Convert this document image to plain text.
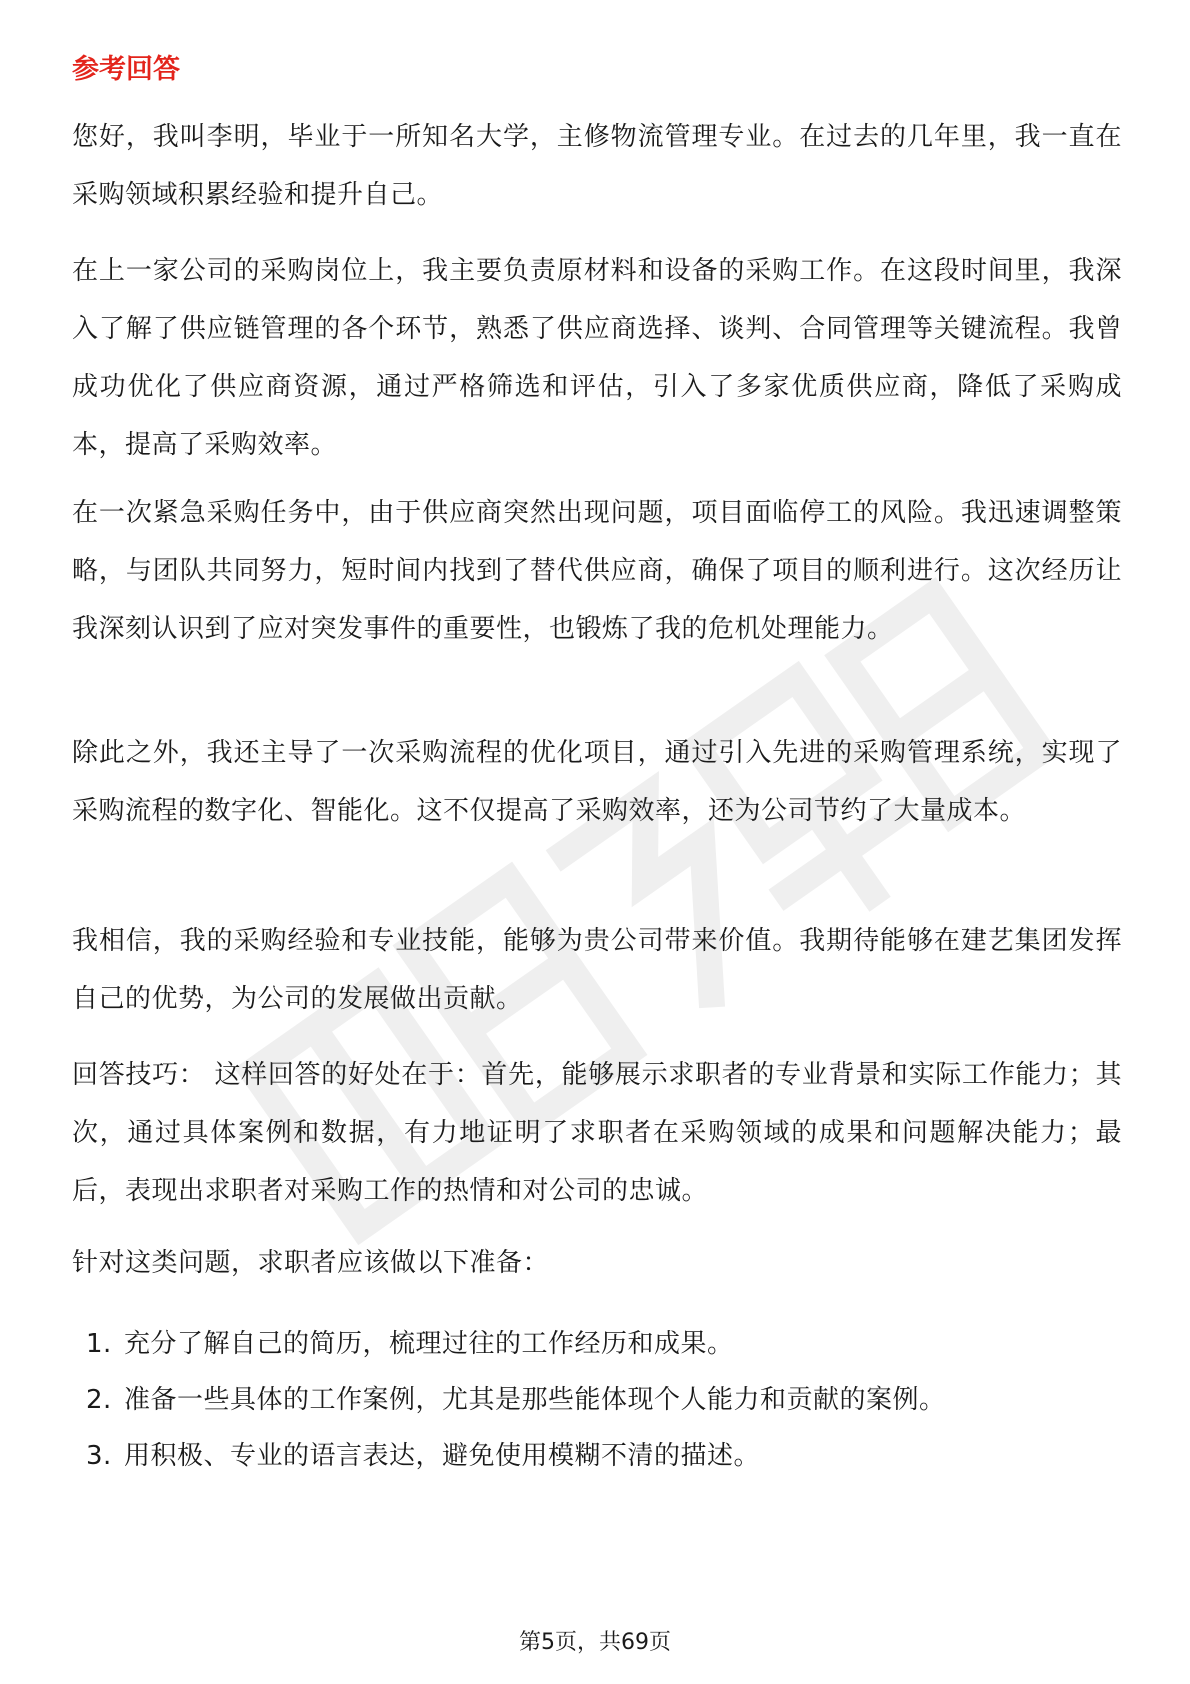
参考回答

您好，我叫李明，毕业于一所知名大学，主修物流管理专业。在过去的几年里，我一直在采购领域积累经验和提升自己。

在上一家公司的采购岗位上，我主要负责原材料和设备的采购工作。在这段时间里，我深入了解了供应链管理的各个环节，熟悉了供应商选择、谈判、合同管理等关键流程。我曾成功优化了供应商资源，通过严格筛选和评估，引入了多家优质供应商，降低了采购成本，提高了采购效率。

在一次紧急采购任务中，由于供应商突然出现问题，项目面临停工的风险。我迅速调整策略，与团队共同努力，短时间内找到了替代供应商，确保了项目的顺利进行。这次经历让我深刻认识到了应对突发事件的重要性，也锻炼了我的危机处理能力。

除此之外，我还主导了一次采购流程的优化项目，通过引入先进的采购管理系统，实现了采购流程的数字化、智能化。这不仅提高了采购效率，还为公司节约了大量成本。

我相信，我的采购经验和专业技能，能够为贵公司带来价值。我期待能够在建艺集团发挥自己的优势，为公司的发展做出贡献。

回答技巧： 这样回答的好处在于：首先，能够展示求职者的专业背景和实际工作能力；其次，通过具体案例和数据，有力地证明了求职者在采购领域的成果和问题解决能力；最后，表现出求职者对采购工作的热情和对公司的忠诚。

针对这类问题，求职者应该做以下准备：

1. 充分了解自己的简历，梳理过往的工作经历和成果。
2. 准备一些具体的工作案例，尤其是那些能体现个人能力和贡献的案例。
3. 用积极、专业的语言表达，避免使用模糊不清的描述。
第5页，共69页
